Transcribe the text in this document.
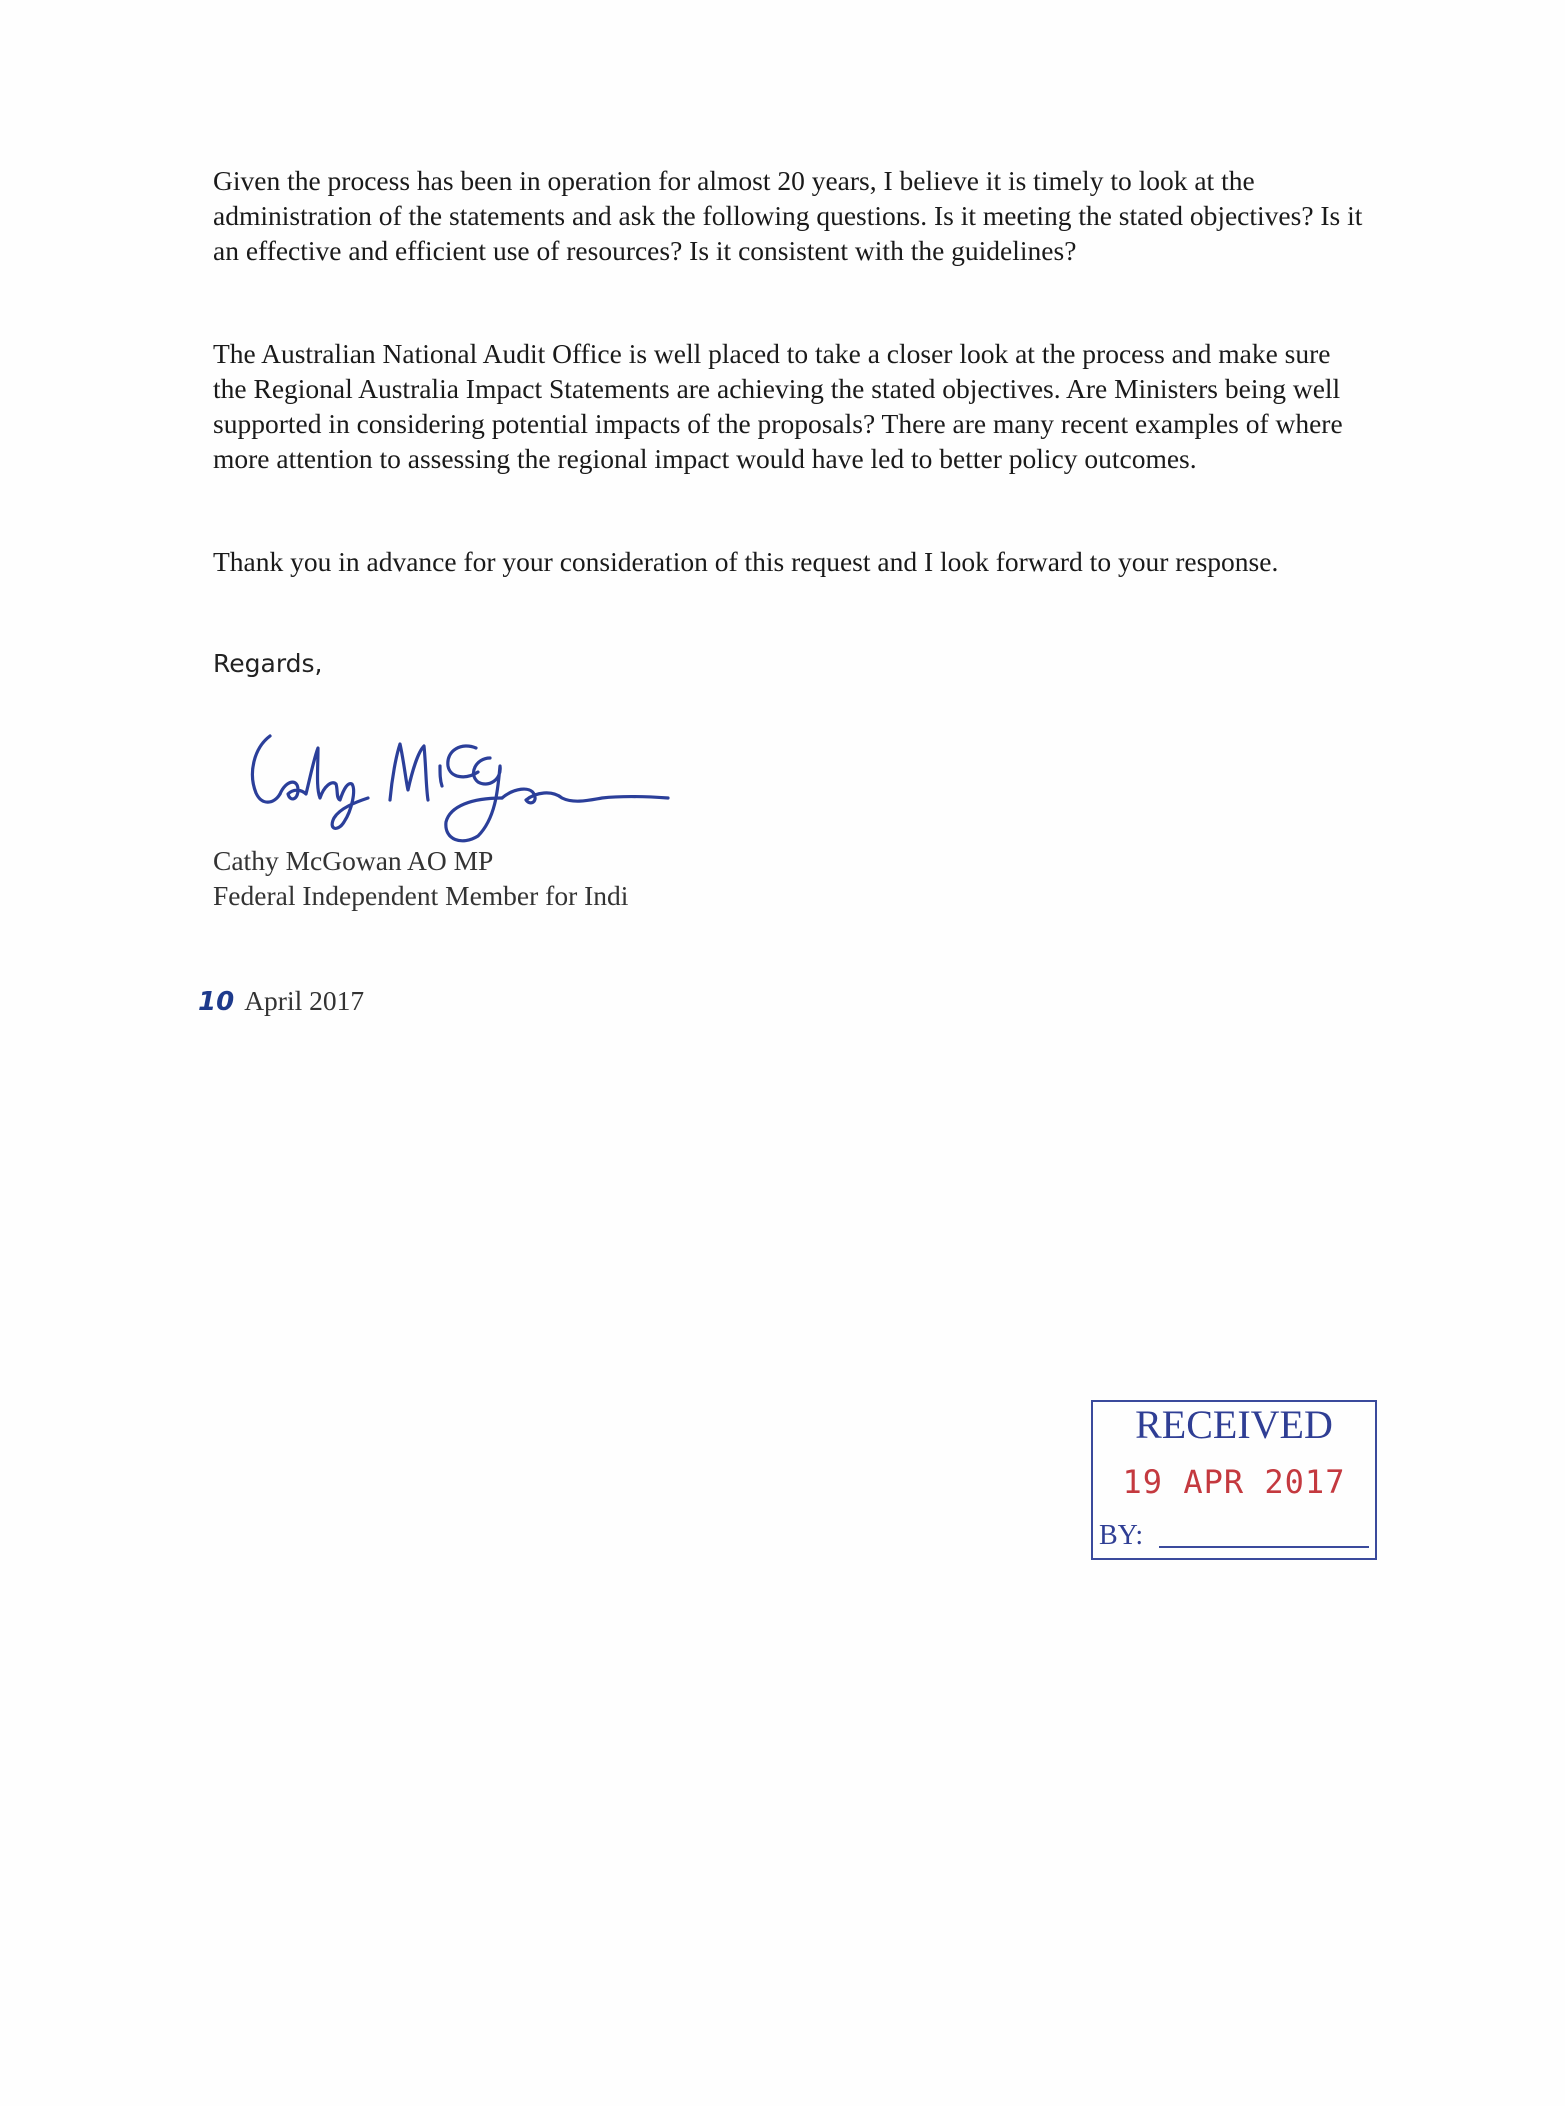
Given the process has been in operation for almost 20 years, I believe it is timely to look at the administration of the statements and ask the following questions. Is it meeting the stated objectives? Is it an effective and efficient use of resources? Is it consistent with the guidelines?

The Australian National Audit Office is well placed to take a closer look at the process and make sure the Regional Australia Impact Statements are achieving the stated objectives. Are Ministers being well supported in considering potential impacts of the proposals? There are many recent examples of where more attention to assessing the regional impact would have led to better policy outcomes.

Thank you in advance for your consideration of this request and I look forward to your response.

Regards,
Cathy McGowan AO MP
Federal Independent Member for Indi
10 April 2017
RECEIVED
19 APR 2017
BY:
